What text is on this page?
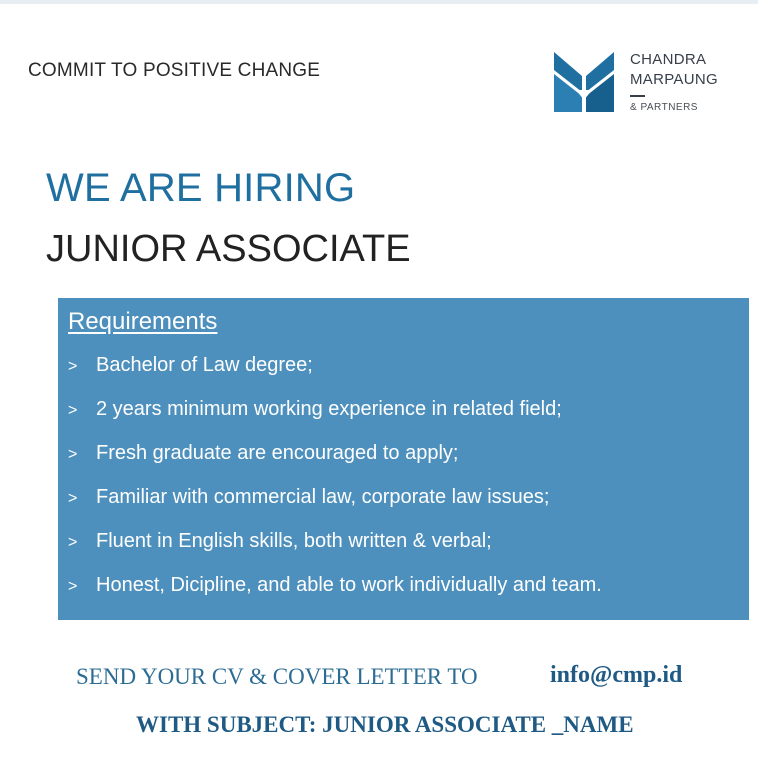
COMMIT TO POSITIVE CHANGE
CHANDRA
MARPAUNG
& PARTNERS
WE ARE HIRING
JUNIOR ASSOCIATE
Requirements
> Bachelor of Law degree;
> 2 years minimum working experience in related field;
> Fresh graduate are encouraged to apply;
> Familiar with commercial law, corporate law issues;
> Fluent in English skills, both written & verbal;
> Honest, Dicipline, and able to work individually and team.
SEND YOUR CV & COVER LETTER TO	info@cmp.id
WITH SUBJECT: JUNIOR ASSOCIATE _NAME
